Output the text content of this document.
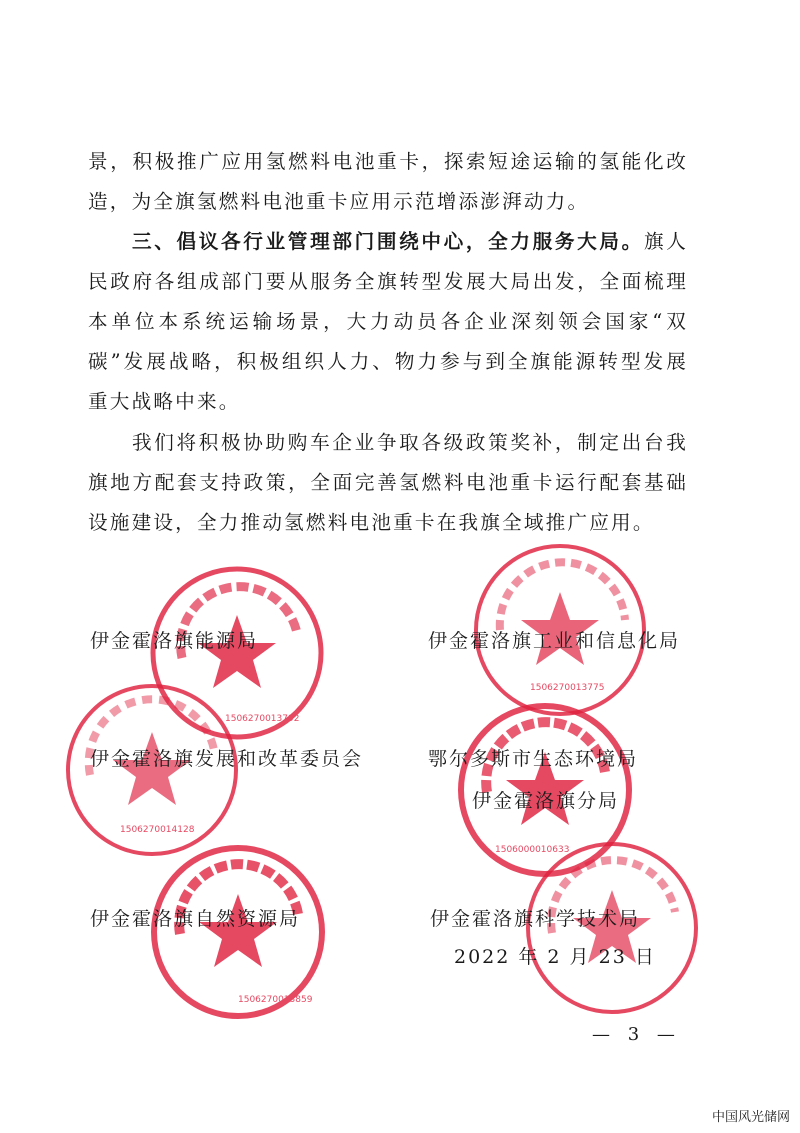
景，积极推广应用氢燃料电池重卡，探索短途运输的氢能化改造，为全旗氢燃料电池重卡应用示范增添澎湃动力。

三、倡议各行业管理部门围绕中心，全力服务大局。旗人民政府各组成部门要从服务全旗转型发展大局出发，全面梳理本单位本系统运输场景，大力动员各企业深刻领会国家“双碳”发展战略，积极组织人力、物力参与到全旗能源转型发展重大战略中来。

我们将积极协助购车企业争取各级政策奖补，制定出台我旗地方配套支持政策，全面完善氢燃料电池重卡运行配套基础设施建设，全力推动氢燃料电池重卡在我旗全域推广应用。

1506270013792
1506270013775
1506270014128
1506000010633
1506270013859
伊金霍洛旗能源局	伊金霍洛旗工业和信息化局
伊金霍洛旗发展和改革委员会	鄂尔多斯市生态环境局
伊金霍洛旗分局
伊金霍洛旗自然资源局	伊金霍洛旗科学技术局
2022 年 2 月 23 日
— 3 —
中国风光储网
